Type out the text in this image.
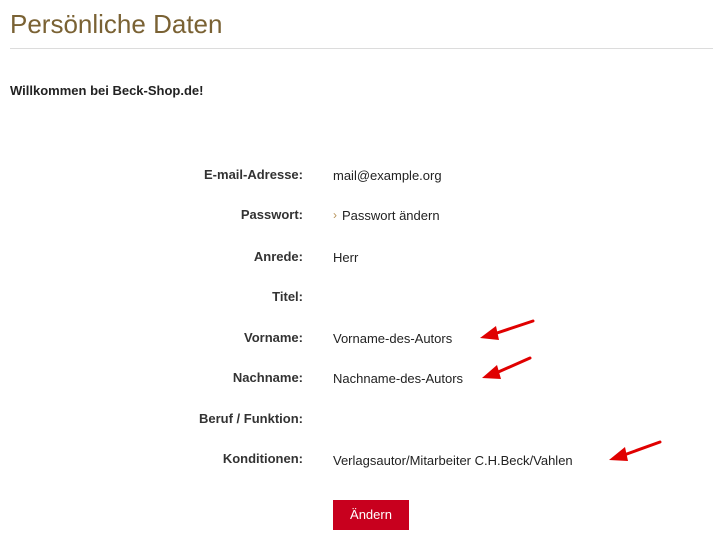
Persönliche Daten
Willkommen bei Beck-Shop.de!
E-mail-Adresse: mail@example.org
Passwort:	› Passwort ändern
Anrede: Herr
Titel:
Vorname: Vorname-des-Autors
Nachname: Nachname-des-Autors
Beruf / Funktion:
Konditionen: Verlagsautor/Mitarbeiter C.H.Beck/Vahlen
Ändern
